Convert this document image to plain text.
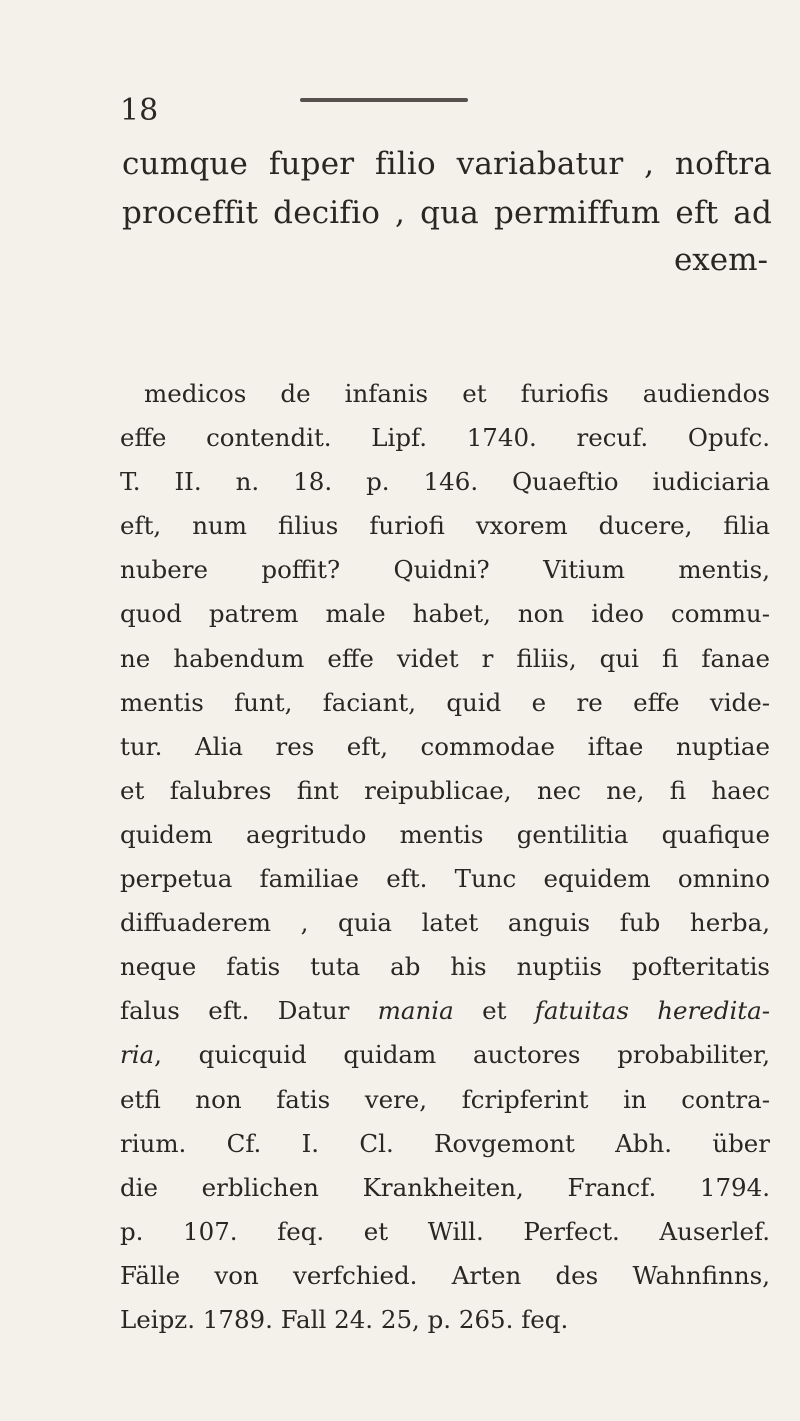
18

cumque fuper filio variabatur , noftra
proceffit decifio , qua permiffum eft ad

exem-

medicos de infanis et furiofis audiendos
effe contendit. Lipf. 1740. recuf. Opufc.
T. II. n. 18. p. 146. Quaeftio iudiciaria
eft, num filius furiofi vxorem ducere, filia
nubere poffit? Quidni? Vitium mentis,
quod patrem male habet, non ideo commu-
ne habendum effe videt r filiis, qui fi fanae
mentis funt, faciant, quid e re effe vide-
tur. Alia res eft, commodae iftae nuptiae
et falubres fint reipublicae, nec ne, fi haec
quidem aegritudo mentis gentilitia quafique
perpetua familiae eft. Tunc equidem omnino
diffuaderem , quia latet anguis fub herba,
neque fatis tuta ab his nuptiis pofteritatis
falus eft. Datur mania et fatuitas heredita-
ria, quicquid quidam auctores probabiliter,
etfi non fatis vere, fcripferint in contra-
rium. Cf. I. Cl. Rovgemont Abh. über
die erblichen Krankheiten, Francf. 1794.
p. 107. feq. et Will. Perfect. Auserlef.
Fälle von verfchied. Arten des Wahnfinns,
Leipz. 1789. Fall 24. 25, p. 265. feq.
